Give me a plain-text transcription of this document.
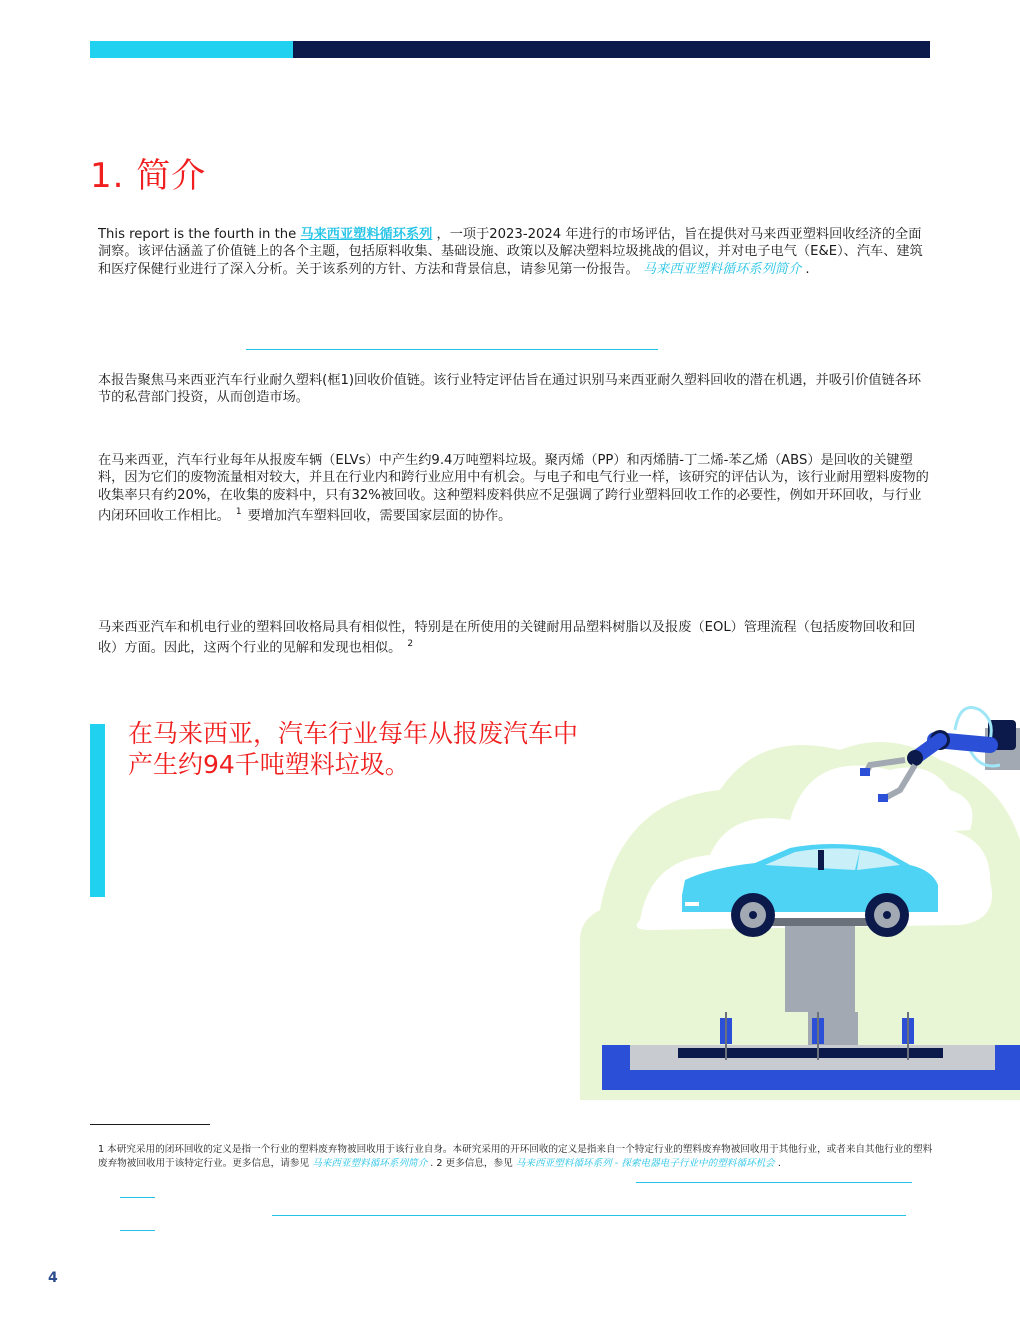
1. 简介
This report is the fourth in the 马来西亚塑料循环系列 ，一项于2023-2024 年进行的市场评估，旨在提供对马来西亚塑料回收经济的全面洞察。该评估涵盖了价值链上的各个主题，包括原料收集、基础设施、政策以及解决塑料垃圾挑战的倡议，并对电子电气（E&E）、汽车、建筑和医疗保健行业进行了深入分析。关于该系列的方针、方法和背景信息，请参见第一份报告。 马来西亚塑料循环系列简介 .
本报告聚焦马来西亚汽车行业耐久塑料(框1)回收价值链。该行业特定评估旨在通过识别马来西亚耐久塑料回收的潜在机遇，并吸引价值链各环节的私营部门投资，从而创造市场。
在马来西亚，汽车行业每年从报废车辆（ELVs）中产生约9.4万吨塑料垃圾。聚丙烯（PP）和丙烯腈-丁二烯-苯乙烯（ABS）是回收的关键塑料，因为它们的废物流量相对较大，并且在行业内和跨行业应用中有机会。与电子和电气行业一样，该研究的评估认为，该行业耐用塑料废物的收集率只有约20%，在收集的废料中，只有32%被回收。这种塑料废料供应不足强调了跨行业塑料回收工作的必要性，例如开环回收，与行业内闭环回收工作相比。 $^1$ 要增加汽车塑料回收，需要国家层面的协作。
马来西亚汽车和机电行业的塑料回收格局具有相似性，特别是在所使用的关键耐用品塑料树脂以及报废（EOL）管理流程（包括废物回收和回收）方面。因此，这两个行业的见解和发现也相似。 $^2$
在马来西亚，汽车行业每年从报废汽车中产生约94千吨塑料垃圾。
1 本研究采用的闭环回收的定义是指一个行业的塑料废弃物被回收用于该行业自身。本研究采用的开环回收的定义是指来自一个特定行业的塑料废弃物被回收用于其他行业，或者来自其他行业的塑料废弃物被回收用于该特定行业。更多信息，请参见 马来西亚塑料循环系列简介 . 2 更多信息，参见 马来西亚塑料循环系列 - 探索电器电子行业中的塑料循环机会 .
4
